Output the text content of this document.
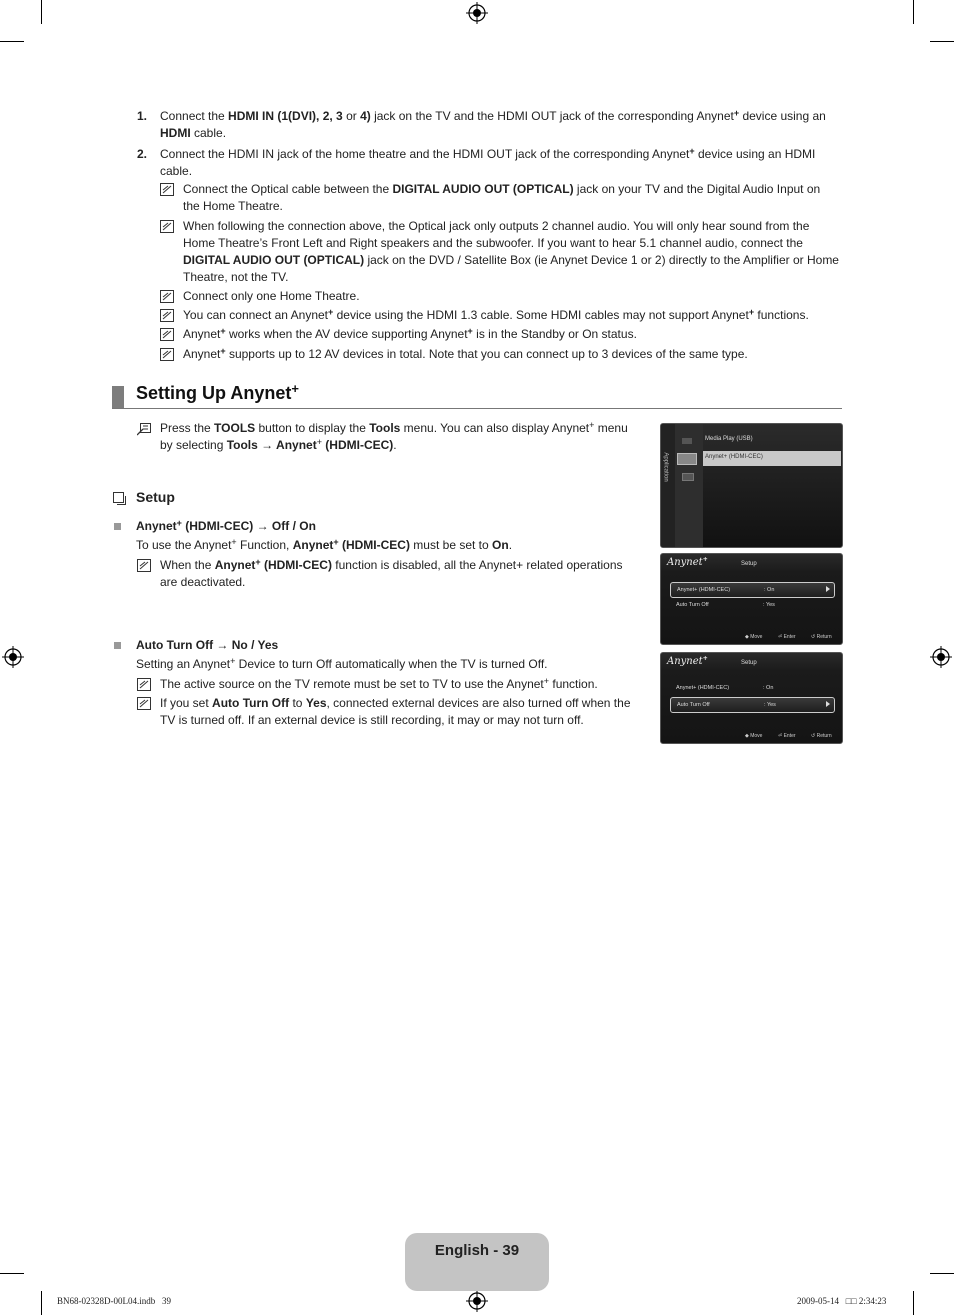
1. Connect the HDMI IN (1(DVI), 2, 3 or 4) jack on the TV and the HDMI OUT jack of the corresponding Anynet+ device using an HDMI cable.
2. Connect the HDMI IN jack of the home theatre and the HDMI OUT jack of the corresponding Anynet+ device using an HDMI cable.
Connect the Optical cable between the DIGITAL AUDIO OUT (OPTICAL) jack on your TV and the Digital Audio Input on the Home Theatre.
When following the connection above, the Optical jack only outputs 2 channel audio. You will only hear sound from the Home Theatre’s Front Left and Right speakers and the subwoofer. If you want to hear 5.1 channel audio, connect the DIGITAL AUDIO OUT (OPTICAL) jack on the DVD / Satellite Box (ie Anynet Device 1 or 2) directly to the Amplifier or Home Theatre, not the TV.
Connect only one Home Theatre.
You can connect an Anynet+ device using the HDMI 1.3 cable. Some HDMI cables may not support Anynet+ functions.
Anynet+ works when the AV device supporting Anynet+ is in the Standby or On status.
Anynet+ supports up to 12 AV devices in total. Note that you can connect up to 3 devices of the same type.
Setting Up Anynet+
Press the TOOLS button to display the Tools menu. You can also display Anynet+ menu by selecting Tools → Anynet+ (HDMI-CEC).
Setup
Anynet+ (HDMI-CEC) → Off / On
To use the Anynet+ Function, Anynet+ (HDMI-CEC) must be set to On.
When the Anynet+ (HDMI-CEC) function is disabled, all the Anynet+ related operations are deactivated.
Auto Turn Off → No / Yes
Setting an Anynet+ Device to turn Off automatically when the TV is turned Off.
The active source on the TV remote must be set to TV to use the Anynet+ function.
If you set Auto Turn Off to Yes, connected external devices are also turned off when the TV is turned off. If an external device is still recording, it may or may not turn off.
Application
Media Play (USB)
Anynet+ (HDMI-CEC)
Anynet+
Setup
Anynet+ (HDMI-CEC)	: On
Auto Turn Off	: Yes
◆ Move	⏎ Enter	↺ Return
Anynet+
Setup
Anynet+ (HDMI-CEC)	: On
Auto Turn Off	: Yes
◆ Move	⏎ Enter	↺ Return
English - 39
BN68-02328D-00L04.indb   39	2009-05-14   □□ 2:34:23
